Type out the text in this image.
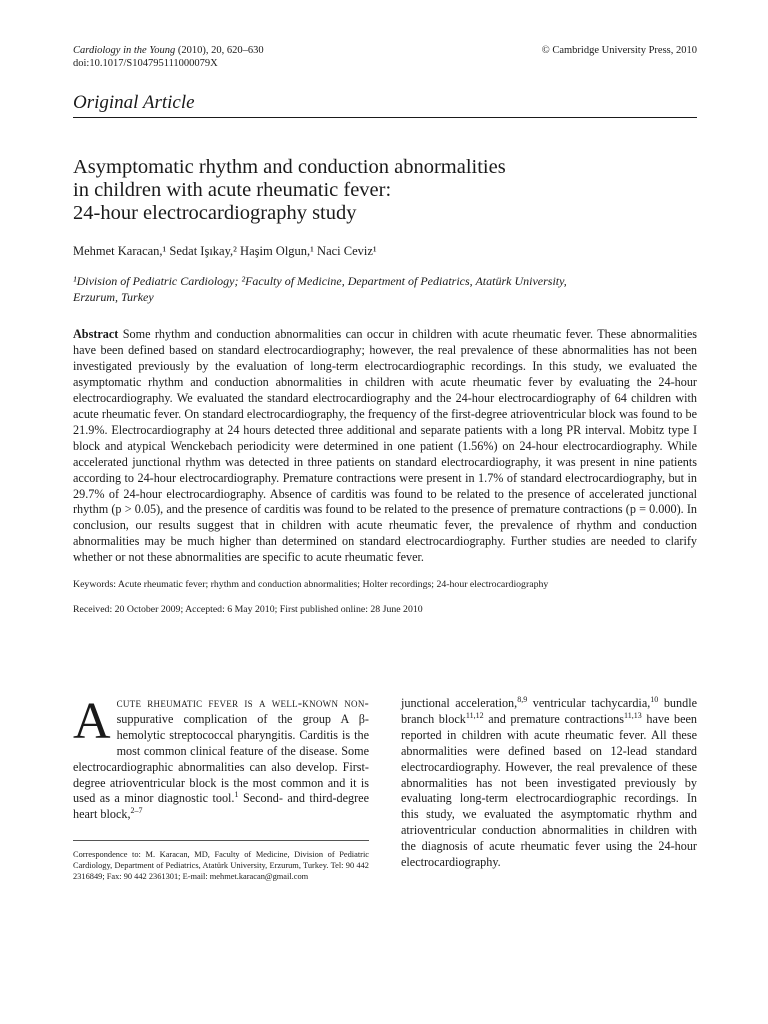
Cardiology in the Young (2010), 20, 620–630
doi:10.1017/S104795111000079X
© Cambridge University Press, 2010
Original Article
Asymptomatic rhythm and conduction abnormalities
in children with acute rheumatic fever:
24-hour electrocardiography study
Mehmet Karacan,¹ Sedat Işıkay,² Haşim Olgun,¹ Naci Ceviz¹
¹Division of Pediatric Cardiology; ²Faculty of Medicine, Department of Pediatrics, Atatürk University,
Erzurum, Turkey
Abstract Some rhythm and conduction abnormalities can occur in children with acute rheumatic fever. These abnormalities have been defined based on standard electrocardiography; however, the real prevalence of these abnormalities has not been investigated previously by the evaluation of long-term electrocardiographic recordings. In this study, we evaluated the asymptomatic rhythm and conduction abnormalities in children with acute rheumatic fever by evaluating the 24-hour electrocardiography. We evaluated the standard electrocardiography and the 24-hour electrocardiography of 64 children with acute rheumatic fever. On standard electrocardiography, the frequency of the first-degree atrioventricular block was found to be 21.9%. Electrocardiography at 24 hours detected three additional and separate patients with a long PR interval. Mobitz type I block and atypical Wenckebach periodicity were determined in one patient (1.56%) on 24-hour electrocardiography. While accelerated junctional rhythm was detected in three patients on standard electrocardiography, it was present in nine patients according to 24-hour electrocardiography. Premature contractions were present in 1.7% of standard electrocardiography, but in 29.7% of 24-hour electrocardiography. Absence of carditis was found to be related to the presence of accelerated junctional rhythm (p > 0.05), and the presence of carditis was found to be related to the presence of premature contractions (p = 0.000). In conclusion, our results suggest that in children with acute rheumatic fever, the prevalence of rhythm and conduction abnormalities may be much higher than determined on standard electrocardiography. Further studies are needed to clarify whether or not these abnormalities are specific to acute rheumatic fever.
Keywords: Acute rheumatic fever; rhythm and conduction abnormalities; Holter recordings; 24-hour electrocardiography
Received: 20 October 2009; Accepted: 6 May 2010; First published online: 28 June 2010
Acute rheumatic fever is a well-known non- suppurative complication of the group A β-hemolytic streptococcal pharyngitis. Carditis is the most common clinical feature of the disease. Some electrocardiographic abnormalities can also develop. First-degree atrioventricular block is the most common and it is used as a minor diagnostic tool.$^1$ Second- and third-degree heart block,$^{2-7}$
Correspondence to: M. Karacan, MD, Faculty of Medicine, Division of Pediatric Cardiology, Department of Pediatrics, Atatürk University, Erzurum, Turkey. Tel: 90 442 2316849; Fax: 90 442 2361301; E-mail: mehmet.karacan@gmail.com
junctional acceleration,$^{8,9}$ ventricular tachycardia,$^{10}$ bundle branch block$^{11,12}$ and premature contractions$^{11,13}$ have been reported in children with acute rheumatic fever. All these abnormalities were defined based on 12-lead standard electrocardiography. However, the real prevalence of these abnormalities has not been investigated previously by evaluating long-term electrocardiographic recordings. In this study, we evaluated the asymptomatic rhythm and atrioventricular conduction abnormalities in children with the diagnosis of acute rheumatic fever using the 24-hour electrocardiography.
